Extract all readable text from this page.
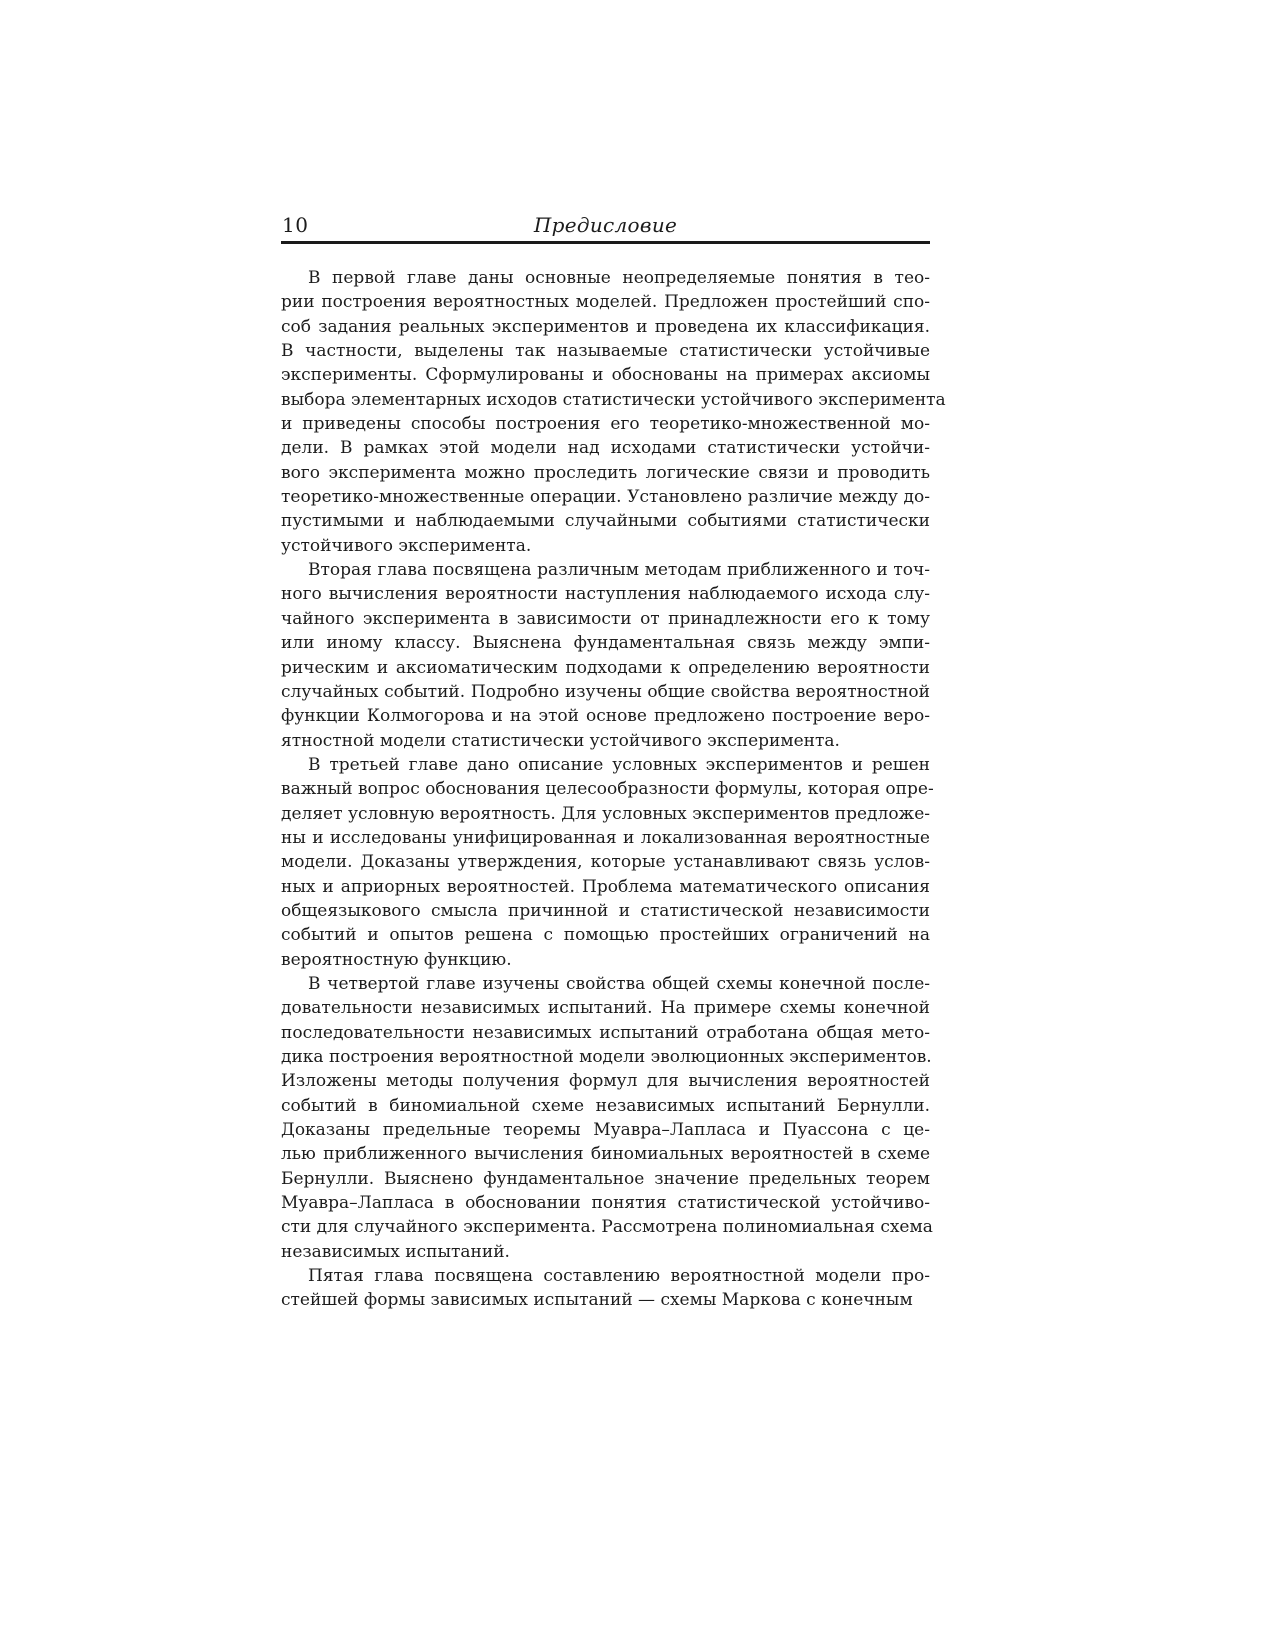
10	Предисловие
В первой главе даны основные неопределяемые понятия в тео-
рии построения вероятностных моделей. Предложен простейший спо-
соб задания реальных экспериментов и проведена их классификация.
В частности, выделены так называемые статистически устойчивые
эксперименты. Сформулированы и обоснованы на примерах аксиомы
выбора элементарных исходов статистически устойчивого эксперимента
и приведены способы построения его теоретико-множественной мо-
дели. В рамках этой модели над исходами статистически устойчи-
вого эксперимента можно проследить логические связи и проводить
теоретико-множественные операции. Установлено различие между до-
пустимыми и наблюдаемыми случайными событиями статистически
устойчивого эксперимента.
Вторая глава посвящена различным методам приближенного и точ-
ного вычисления вероятности наступления наблюдаемого исхода слу-
чайного эксперимента в зависимости от принадлежности его к тому
или иному классу. Выяснена фундаментальная связь между эмпи-
рическим и аксиоматическим подходами к определению вероятности
случайных событий. Подробно изучены общие свойства вероятностной
функции Колмогорова и на этой основе предложено построение веро-
ятностной модели статистически устойчивого эксперимента.
В третьей главе дано описание условных экспериментов и решен
важный вопрос обоснования целесообразности формулы, которая опре-
деляет условную вероятность. Для условных экспериментов предложе-
ны и исследованы унифицированная и локализованная вероятностные
модели. Доказаны утверждения, которые устанавливают связь услов-
ных и априорных вероятностей. Проблема математического описания
общеязыкового смысла причинной и статистической независимости
событий и опытов решена с помощью простейших ограничений на
вероятностную функцию.
В четвертой главе изучены свойства общей схемы конечной после-
довательности независимых испытаний. На примере схемы конечной
последовательности независимых испытаний отработана общая мето-
дика построения вероятностной модели эволюционных экспериментов.
Изложены методы получения формул для вычисления вероятностей
событий в биномиальной схеме независимых испытаний Бернулли.
Доказаны предельные теоремы Муавра–Лапласа и Пуассона с це-
лью приближенного вычисления биномиальных вероятностей в схеме
Бернулли. Выяснено фундаментальное значение предельных теорем
Муавра–Лапласа в обосновании понятия статистической устойчиво-
сти для случайного эксперимента. Рассмотрена полиномиальная схема
независимых испытаний.
Пятая глава посвящена составлению вероятностной модели про-
стейшей формы зависимых испытаний — схемы Маркова с конечным
